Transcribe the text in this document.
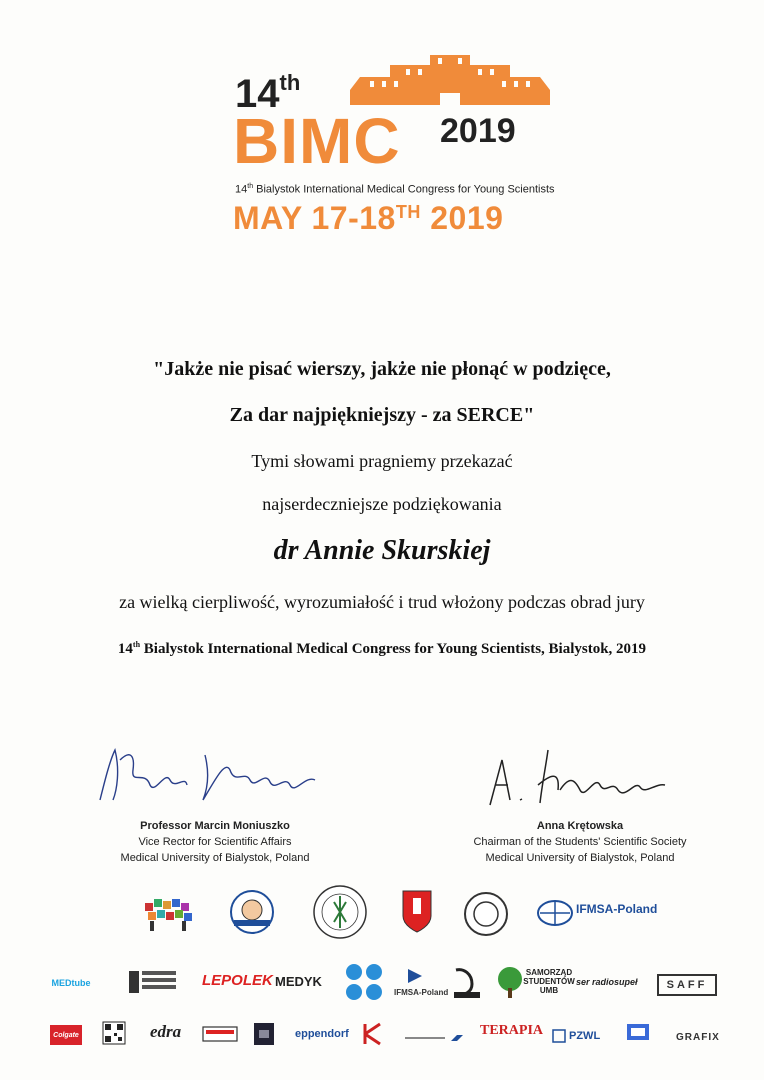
14th
BIMC 2019
14th Bialystok International Medical Congress for Young Scientists
MAY 17-18TH 2019
"Jakże nie pisać wierszy, jakże nie płonąć w podzięce,
Za dar najpiękniejszy - za SERCE"
Tymi słowami pragniemy przekazać
najserdeczniejsze podziękowania
dr Annie Skurskiej
za wielką cierpliwość, wyrozumiałość i trud włożony podczas obrad jury
14th Bialystok International Medical Congress for Young Scientists, Bialystok, 2019
Professor Marcin Moniuszko
Vice Rector for Scientific Affairs
Medical University of Bialystok, Poland
Anna Krętowska
Chairman of the Students' Scientific Society
Medical University of Bialystok, Poland
IFMSA-Poland
MEDtube	LEPOLEK MEDYK
IFMSA-Poland
SAMORZĄD STUDENTÓW UMB
ser radiosupeł	SAFF
Colgate	edra	eppendorf	TERAPIA PZWL	GRAFIX
